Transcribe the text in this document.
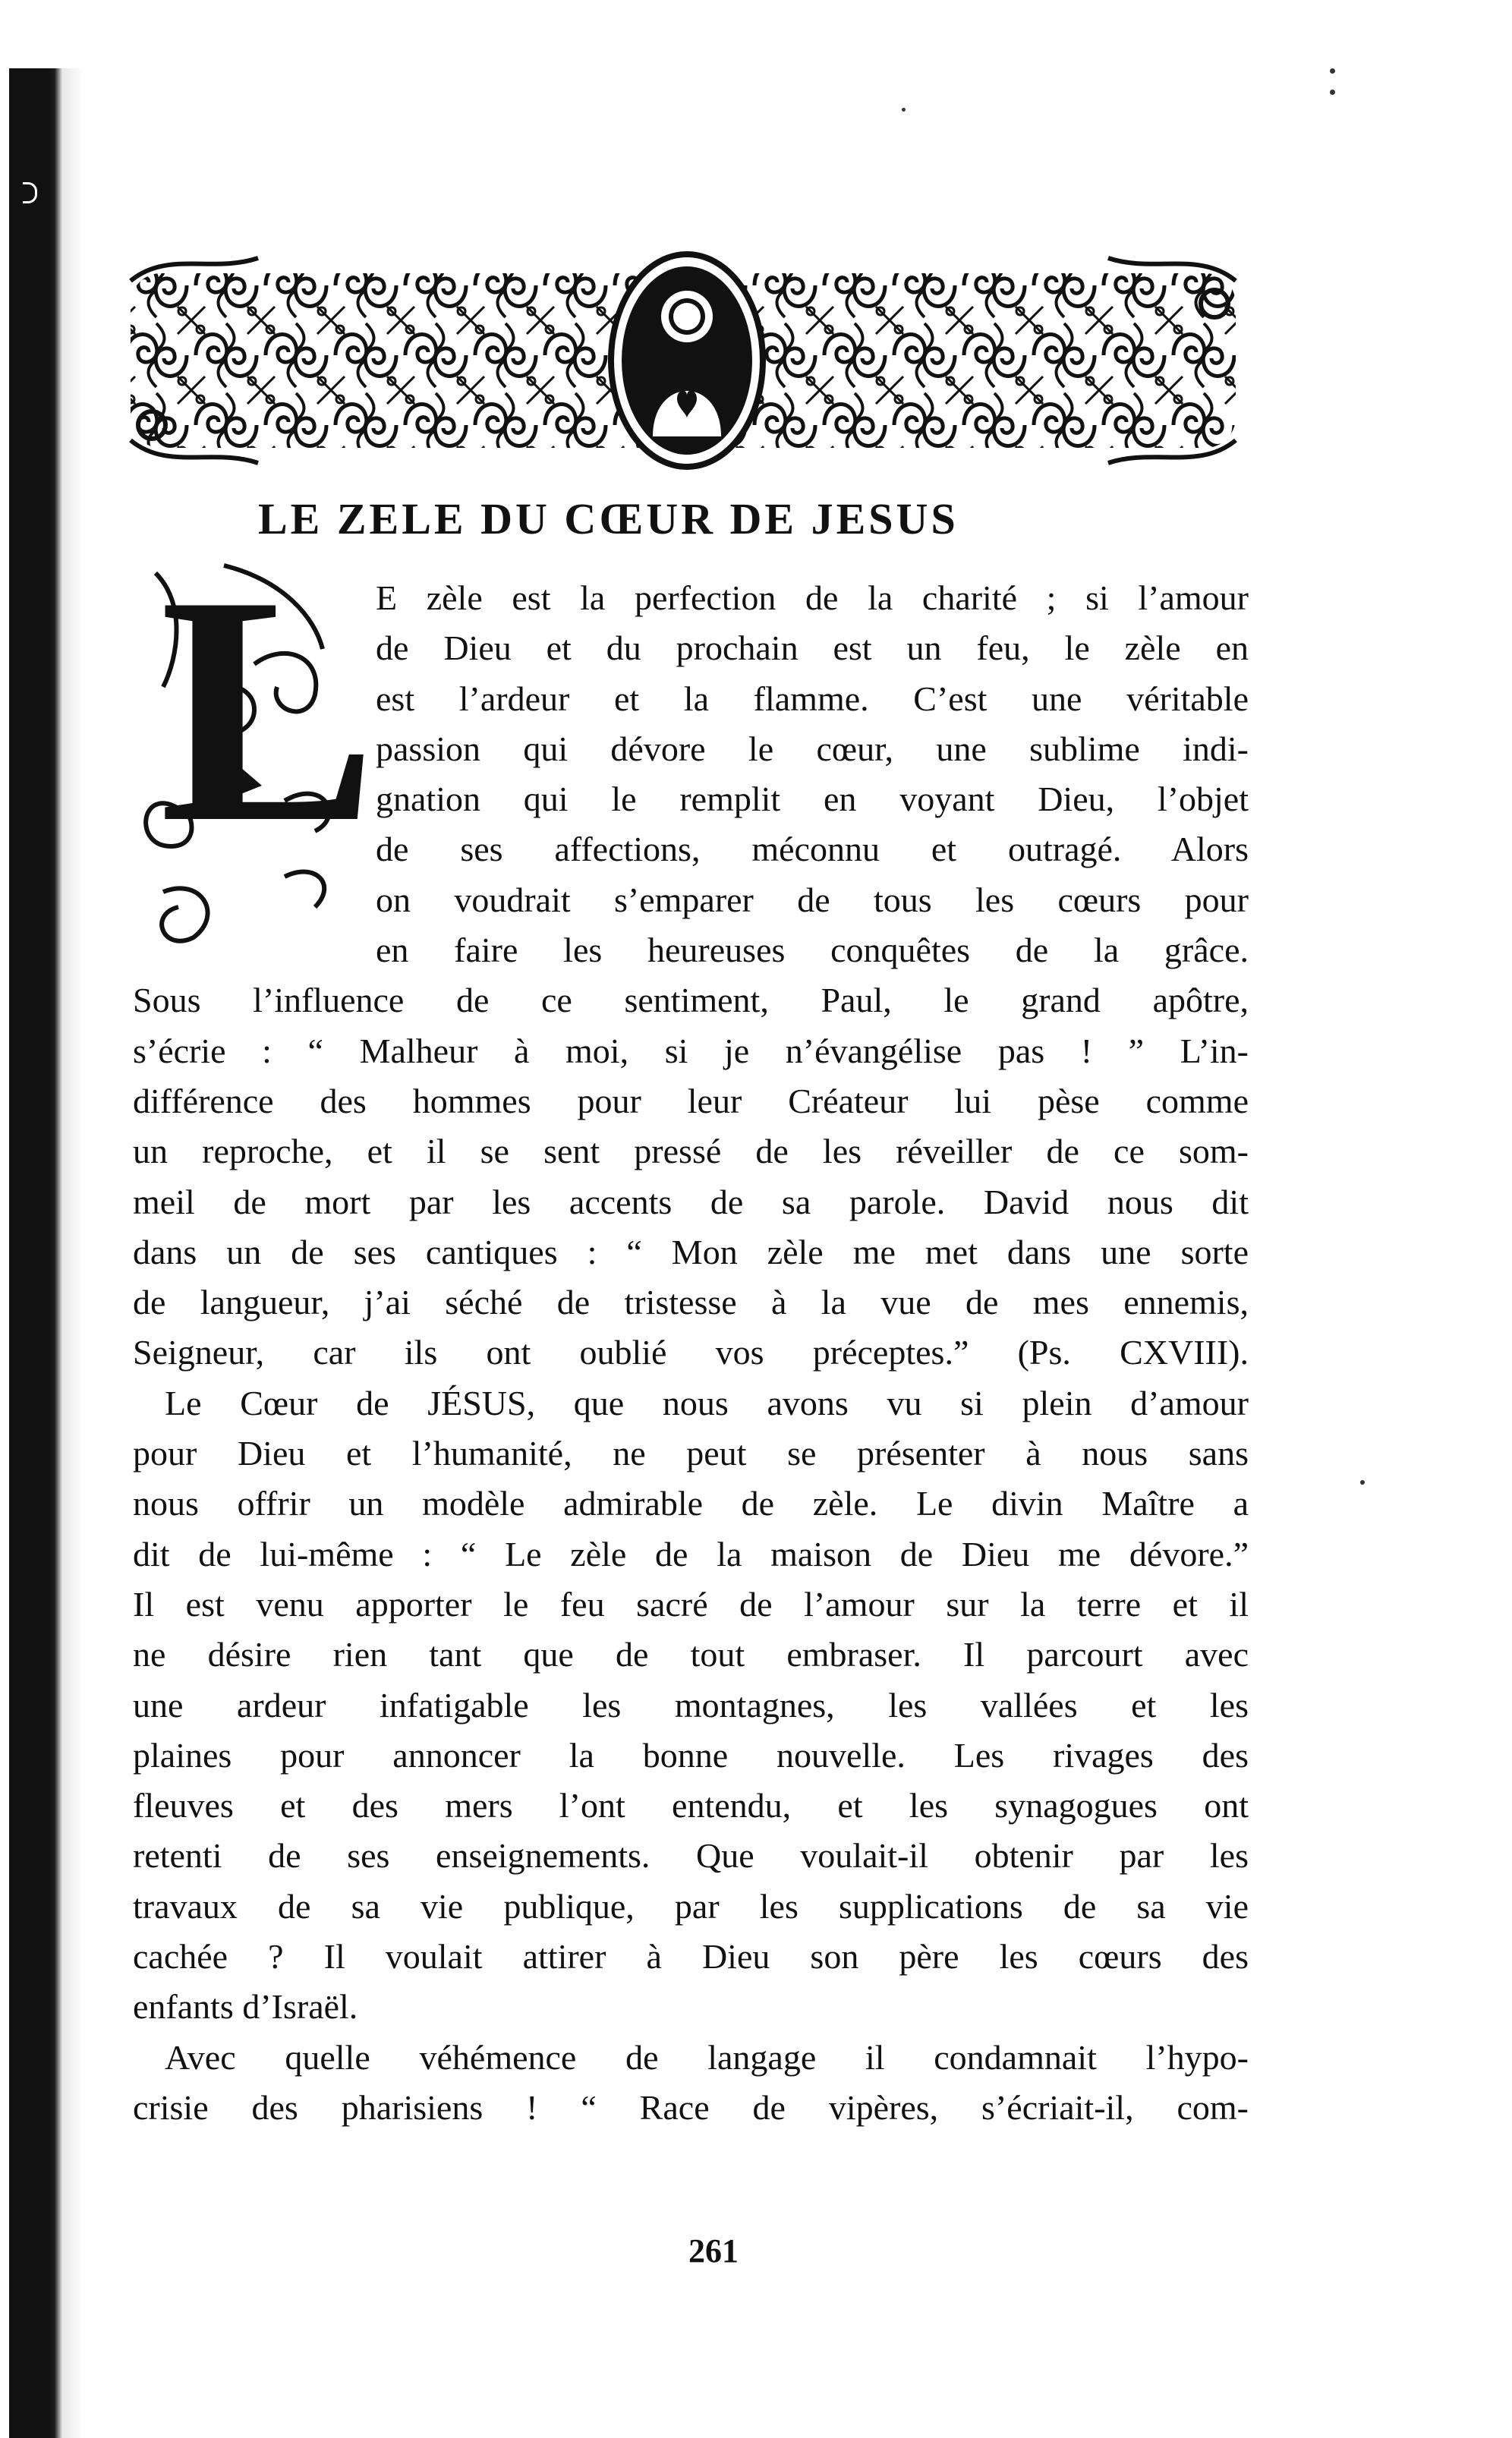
LE ZELE DU CŒUR DE JESUS
L
E zèle est la perfection de la charité ; si l’amour
de Dieu et du prochain est un feu, le zèle en
est l’ardeur et la flamme. C’est une véritable
passion qui dévore le cœur, une sublime indi-
gnation qui le remplit en voyant Dieu, l’objet
de ses affections, méconnu et outragé. Alors
on voudrait s’emparer de tous les cœurs pour
en faire les heureuses conquêtes de la grâce.
Sous l’influence de ce sentiment, Paul, le grand apôtre,
s’écrie : “ Malheur à moi, si je n’évangélise pas ! ” L’in-
différence des hommes pour leur Créateur lui pèse comme
un reproche, et il se sent pressé de les réveiller de ce som-
meil de mort par les accents de sa parole. David nous dit
dans un de ses cantiques : “ Mon zèle me met dans une sorte
de langueur, j’ai séché de tristesse à la vue de mes ennemis,
Seigneur, car ils ont oublié vos préceptes.” (Ps. CXVIII).
Le Cœur de JÉSUS, que nous avons vu si plein d’amour
pour Dieu et l’humanité, ne peut se présenter à nous sans
nous offrir un modèle admirable de zèle. Le divin Maître a
dit de lui-même : “ Le zèle de la maison de Dieu me dévore.”
Il est venu apporter le feu sacré de l’amour sur la terre et il
ne désire rien tant que de tout embraser. Il parcourt avec
une ardeur infatigable les montagnes, les vallées et les
plaines pour annoncer la bonne nouvelle. Les rivages des
fleuves et des mers l’ont entendu, et les synagogues ont
retenti de ses enseignements. Que voulait-il obtenir par les
travaux de sa vie publique, par les supplications de sa vie
cachée ? Il voulait attirer à Dieu son père les cœurs des
enfants d’Israël.
Avec quelle véhémence de langage il condamnait l’hypo-
crisie des pharisiens ! “ Race de vipères, s’écriait-il, com-
261
